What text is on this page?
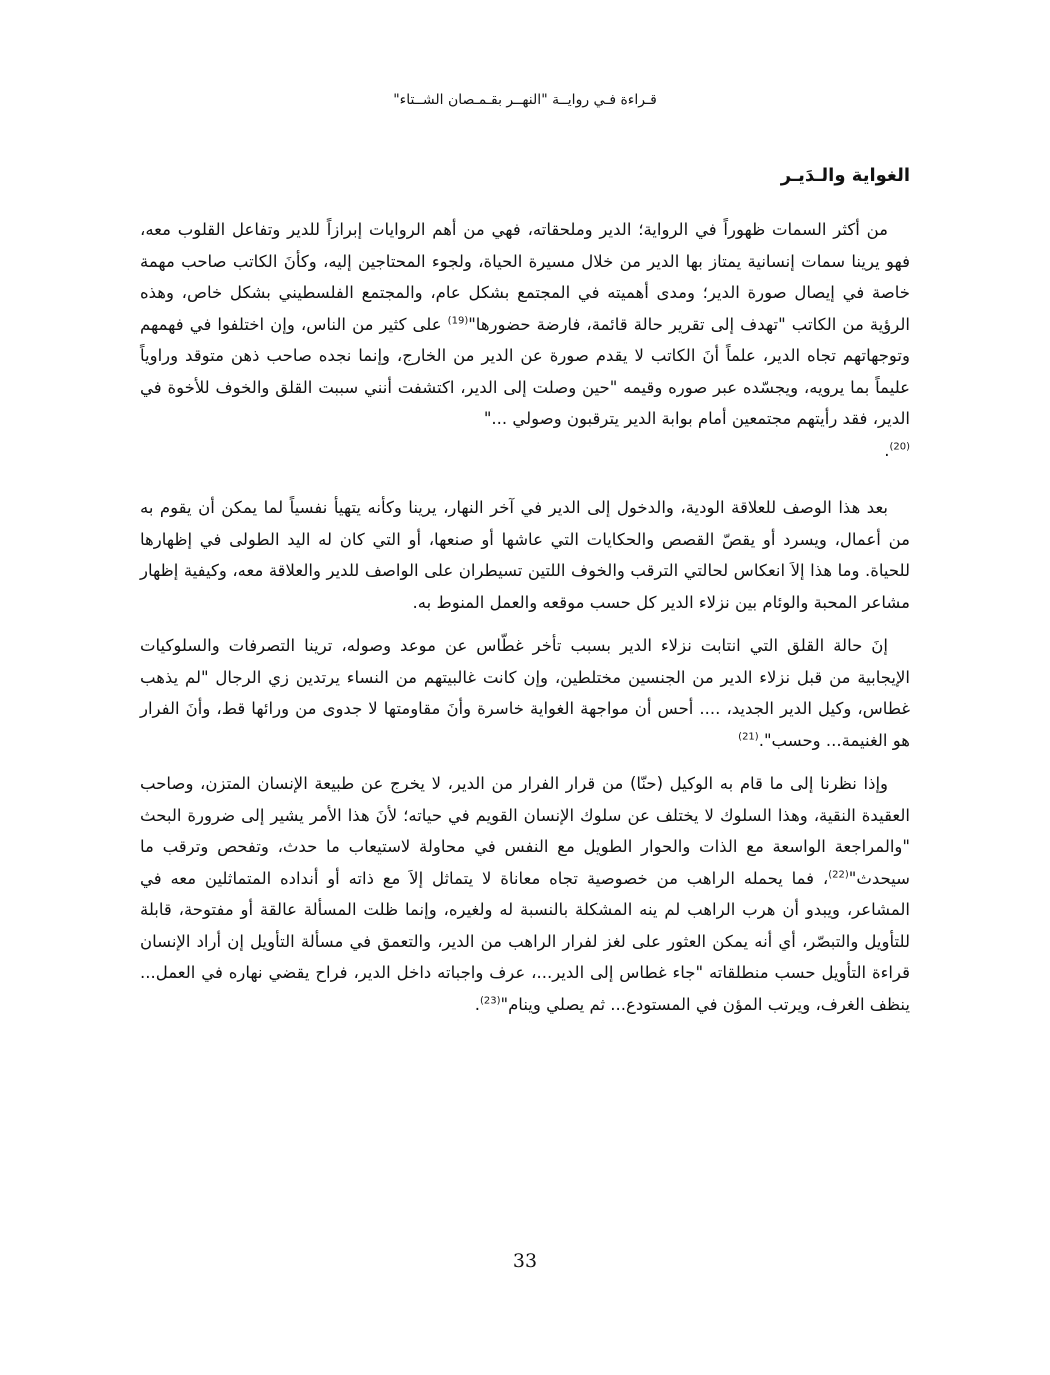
قـراءة فـي روايــة "النهــر بقـمـصان الشــتاء"
الغواية والـدَيـر

من أكثر السمات ظهوراً في الرواية؛ الدير وملحقاته، فهي من أهم الروايات إبرازاً للدير وتفاعل القلوب معه، فهو يرينا سمات إنسانية يمتاز بها الدير من خلال مسيرة الحياة، ولجوء المحتاجين إليه، وكأنَ الكاتب صاحب مهمة خاصة في إيصال صورة الدير؛ ومدى أهميته في المجتمع بشكل عام، والمجتمع الفلسطيني بشكل خاص، وهذه الرؤية من الكاتب "تهدف إلى تقرير حالة قائمة، فارضة حضورها"$^{(19)}$ على كثير من الناس، وإن اختلفوا في فهمهم وتوجهاتهم تجاه الدير، علماً أنَ الكاتب لا يقدم صورة عن الدير من الخارج، وإنما نجده صاحب ذهن متوقد وراوياً عليماً بما يرويه، ويجسّده عبر صوره وقيمه "حين وصلت إلى الدير، اكتشفت أنني سببت القلق والخوف للأخوة في الدير، فقد رأيتهم مجتمعين أمام بوابة الدير يترقبون وصولي ..."
$^{(20)}$.

بعد هذا الوصف للعلاقة الودية، والدخول إلى الدير في آخر النهار، يرينا وكأنه يتهيأ نفسياً لما يمكن أن يقوم به من أعمال، ويسرد أو يقصّ القصص والحكايات التي عاشها أو صنعها، أو التي كان له اليد الطولى في إظهارها للحياة. وما هذا إلاَ انعكاس لحالتي الترقب والخوف اللتين تسيطران على الواصف للدير والعلاقة معه، وكيفية إظهار مشاعر المحبة والوئام بين نزلاء الدير كل حسب موقعه والعمل المنوط به.

إنَ حالة القلق التي انتابت نزلاء الدير بسبب تأخر غطّاس عن موعد وصوله، ترينا التصرفات والسلوكيات الإيجابية من قبل نزلاء الدير من الجنسين مختلطين، وإن كانت غالبيتهم من النساء يرتدين زي الرجال "لم يذهب غطاس، وكيل الدير الجديد، .... أحس أن مواجهة الغواية خاسرة وأنَ مقاومتها لا جدوى من ورائها قط، وأنَ الفرار هو الغنيمة... وحسب".$^{(21)}$

وإذا نظرنا إلى ما قام به الوكيل (حنّا) من قرار الفرار من الدير، لا يخرج عن طبيعة الإنسان المتزن، وصاحب العقيدة النقية، وهذا السلوك لا يختلف عن سلوك الإنسان القويم في حياته؛ لأنَ هذا الأمر يشير إلى ضرورة البحث "والمراجعة الواسعة مع الذات والحوار الطويل مع النفس في محاولة لاستيعاب ما حدث، وتفحص وترقب ما سيحدث"$^{(22)}$، فما يحمله الراهب من خصوصية تجاه معاناة لا يتماثل إلاَ مع ذاته أو أنداده المتماثلين معه في المشاعر، ويبدو أن هرب الراهب لم ينه المشكلة بالنسبة له ولغيره، وإنما ظلت المسألة عالقة أو مفتوحة، قابلة للتأويل والتبصّر، أي أنه يمكن العثور على لغز لفرار الراهب من الدير، والتعمق في مسألة التأويل إن أراد الإنسان قراءة التأويل حسب منطلقاته "جاء غطاس إلى الدير...، عرف واجباته داخل الدير، فراح يقضي نهاره في العمل... ينظف الغرف، ويرتب المؤن في المستودع... ثم يصلي وينام"$^{(23)}$.

33
